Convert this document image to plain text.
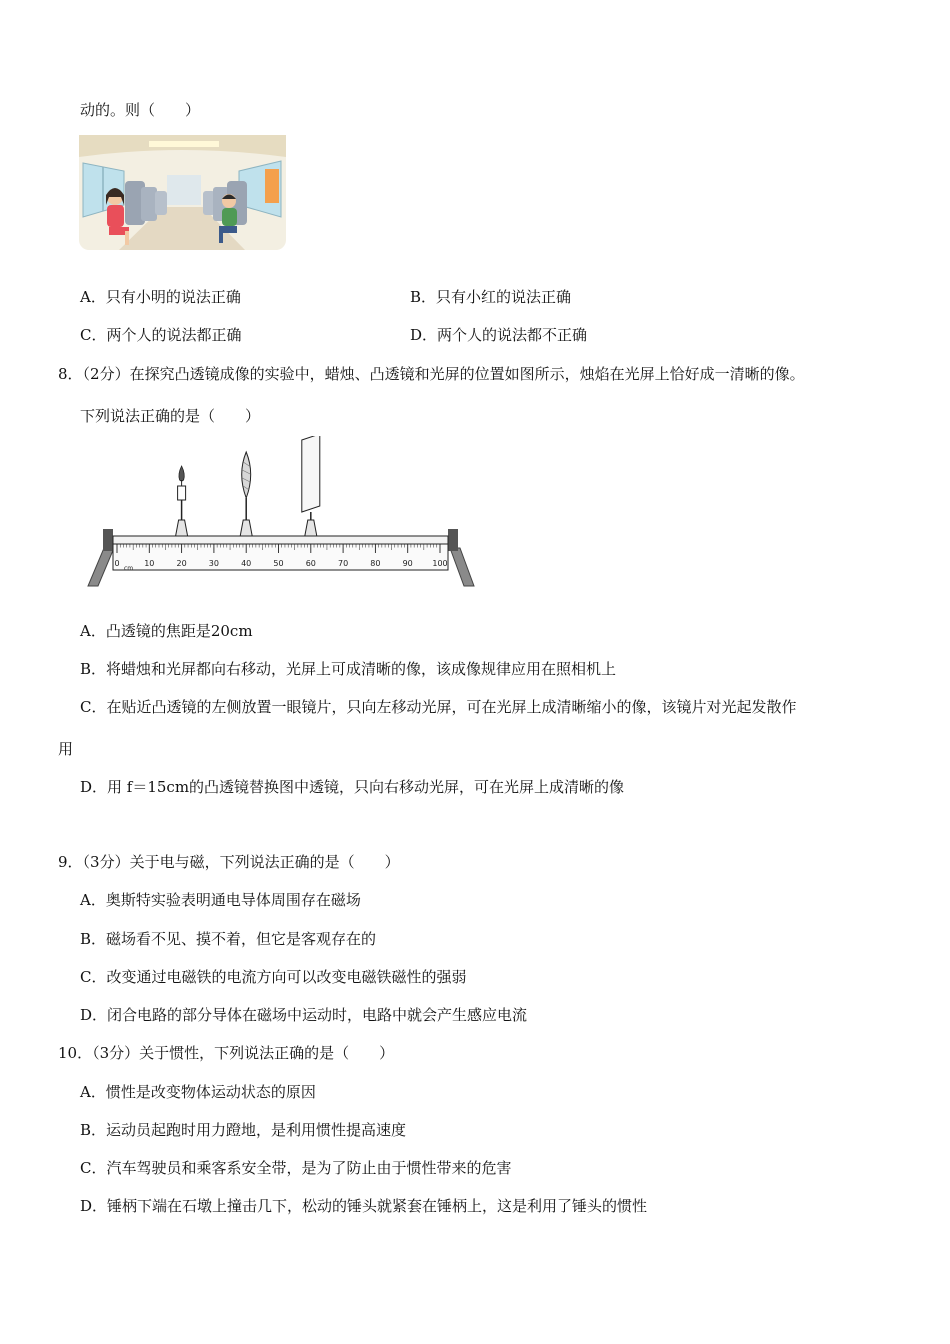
动的。则（　　）
A．只有小明的说法正确	B．只有小红的说法正确
C．两个人的说法都正确	D．两个人的说法都不正确
8．（2分）在探究凸透镜成像的实验中，蜡烛、凸透镜和光屏的位置如图所示，烛焰在光屏上恰好成一清晰的像。
下列说法正确的是（　　）
0	10	20	30	40	50	60	70	80	90 100
cm
A．凸透镜的焦距是20cm
B．将蜡烛和光屏都向右移动，光屏上可成清晰的像，该成像规律应用在照相机上
C．在贴近凸透镜的左侧放置一眼镜片，只向左移动光屏，可在光屏上成清晰缩小的像，该镜片对光起发散作
用
D．用 f＝15cm的凸透镜替换图中透镜，只向右移动光屏，可在光屏上成清晰的像
9．（3分）关于电与磁，下列说法正确的是（　　）
A．奥斯特实验表明通电导体周围存在磁场
B．磁场看不见、摸不着，但它是客观存在的
C．改变通过电磁铁的电流方向可以改变电磁铁磁性的强弱
D．闭合电路的部分导体在磁场中运动时，电路中就会产生感应电流
10．（3分）关于惯性，下列说法正确的是（　　）
A．惯性是改变物体运动状态的原因
B．运动员起跑时用力蹬地，是利用惯性提高速度
C．汽车驾驶员和乘客系安全带，是为了防止由于惯性带来的危害
D．锤柄下端在石墩上撞击几下，松动的锤头就紧套在锤柄上，这是利用了锤头的惯性
